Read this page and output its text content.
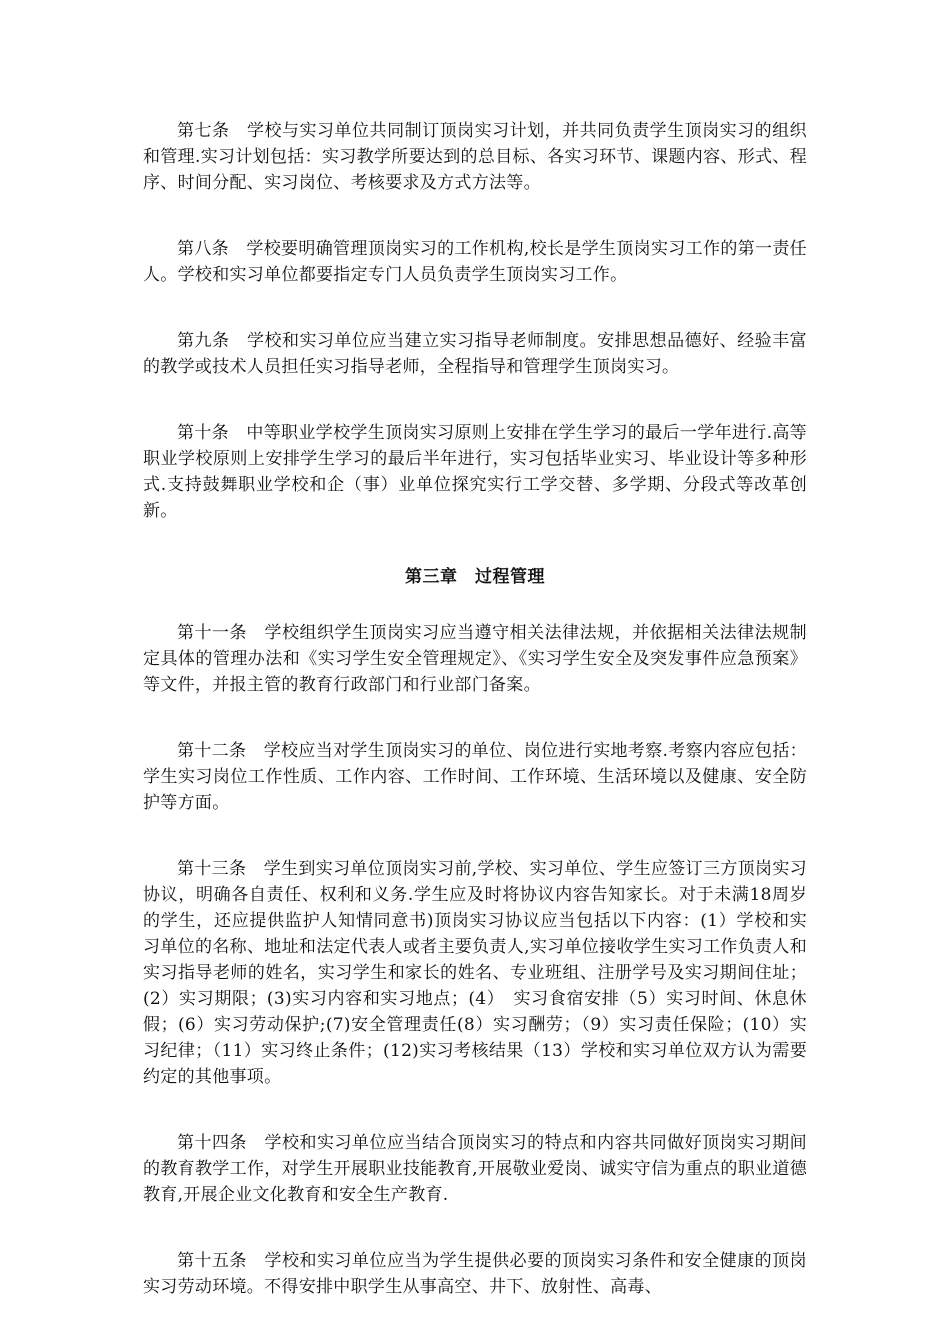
第七条　学校与实习单位共同制订顶岗实习计划，并共同负责学生顶岗实习的组织和管理.实习计划包括：实习教学所要达到的总目标、各实习环节、课题内容、形式、程序、时间分配、实习岗位、考核要求及方式方法等。

第八条　学校要明确管理顶岗实习的工作机构,校长是学生顶岗实习工作的第一责任人。学校和实习单位都要指定专门人员负责学生顶岗实习工作。

第九条　学校和实习单位应当建立实习指导老师制度。安排思想品德好、经验丰富的教学或技术人员担任实习指导老师，全程指导和管理学生顶岗实习。

第十条　中等职业学校学生顶岗实习原则上安排在学生学习的最后一学年进行.高等职业学校原则上安排学生学习的最后半年进行，实习包括毕业实习、毕业设计等多种形式.支持鼓舞职业学校和企（事）业单位探究实行工学交替、多学期、分段式等改革创新。

第三章　过程管理

第十一条　学校组织学生顶岗实习应当遵守相关法律法规，并依据相关法律法规制定具体的管理办法和《实习学生安全管理规定》、《实习学生安全及突发事件应急预案》等文件，并报主管的教育行政部门和行业部门备案。

第十二条　学校应当对学生顶岗实习的单位、岗位进行实地考察.考察内容应包括：学生实习岗位工作性质、工作内容、工作时间、工作环境、生活环境以及健康、安全防护等方面。

第十三条　学生到实习单位顶岗实习前,学校、实习单位、学生应签订三方顶岗实习协议，明确各自责任、权利和义务.学生应及时将协议内容告知家长。对于未满18周岁的学生，还应提供监护人知情同意书)顶岗实习协议应当包括以下内容：(1）学校和实习单位的名称、地址和法定代表人或者主要负责人,实习单位接收学生实习工作负责人和实习指导老师的姓名，实习学生和家长的姓名、专业班组、注册学号及实习期间住址；(2）实习期限；(3)实习内容和实习地点；(4）　实习食宿安排（5）实习时间、休息休假；(6）实习劳动保护;(7)安全管理责任(8）实习酬劳；（9）实习责任保险；(10）实习纪律；（11）实习终止条件；(12)实习考核结果（13）学校和实习单位双方认为需要约定的其他事项。

第十四条　学校和实习单位应当结合顶岗实习的特点和内容共同做好顶岗实习期间的教育教学工作，对学生开展职业技能教育,开展敬业爱岗、诚实守信为重点的职业道德教育,开展企业文化教育和安全生产教育.

第十五条　学校和实习单位应当为学生提供必要的顶岗实习条件和安全健康的顶岗实习劳动环境。不得安排中职学生从事高空、井下、放射性、高毒、
